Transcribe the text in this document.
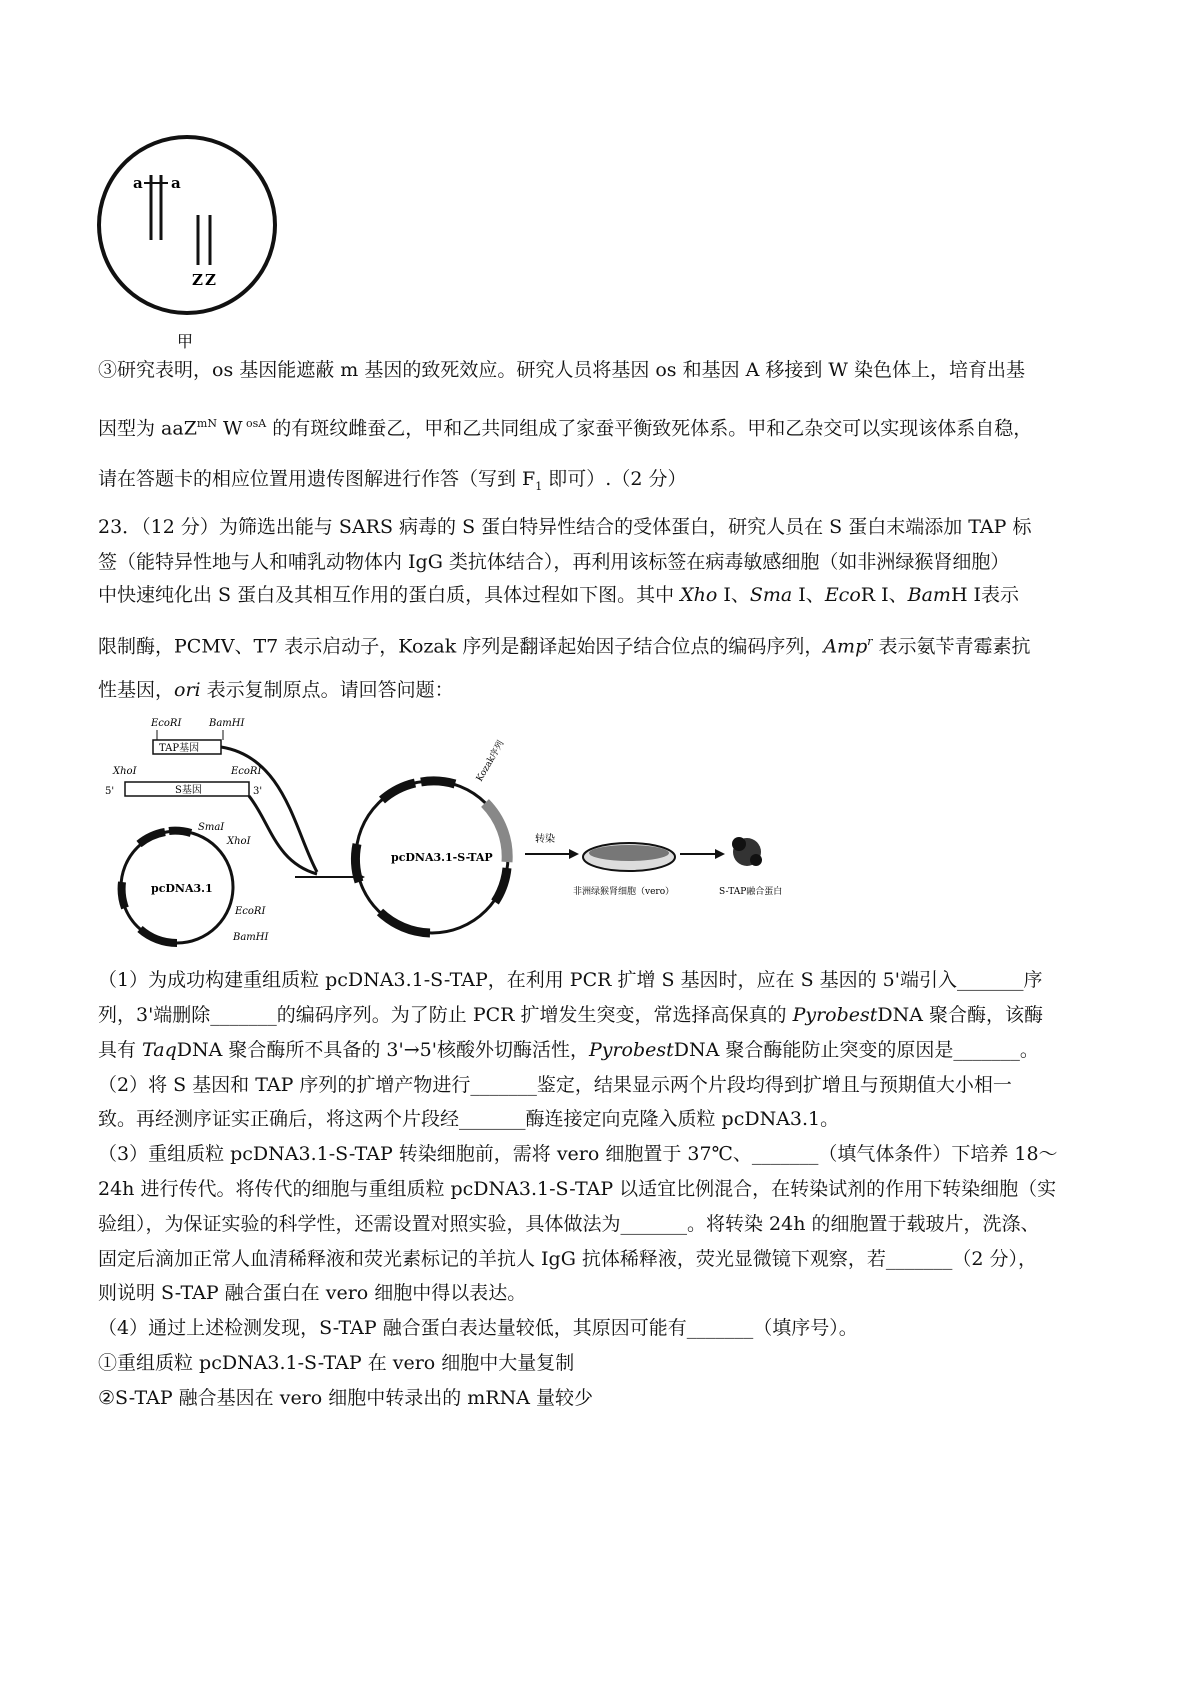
a a
ZZ
甲
③研究表明，os 基因能遮蔽 m 基因的致死效应。研究人员将基因 os 和基因 A 移接到 W 染色体上，培育出基
因型为 aaZ$^{mN}$ W $^{osA}$ 的有斑纹雌蚕乙，甲和乙共同组成了家蚕平衡致死体系。甲和乙杂交可以实现该体系自稳，
请在答题卡的相应位置用遗传图解进行作答（写到 $F_1$ 即可）.（2 分）
23．（12 分）为筛选出能与 SARS 病毒的 S 蛋白特异性结合的受体蛋白，研究人员在 S 蛋白末端添加 TAP 标
签（能特异性地与人和哺乳动物体内 IgG 类抗体结合），再利用该标签在病毒敏感细胞（如非洲绿猴肾细胞）
中快速纯化出 S 蛋白及其相互作用的蛋白质，具体过程如下图。其中 Xho Ⅰ、Sma Ⅰ、EcoR Ⅰ、BamH Ⅰ表示
限制酶，PCMV、T7 表示启动子，Kozak 序列是翻译起始因子结合位点的编码序列，Amp$^r$ 表示氨苄青霉素抗
性基因，ori 表示复制原点。请回答问题：
EcoRⅠ	BamHⅠ
TAP基因
XhoⅠ	EcoRⅠ
5'	3'
S基因
pcDNA3.1
SmaⅠ
XhoⅠ
EcoRⅠ
BamHⅠ
pcDNA3.1-S-TAP
Kozak序列
转染
非洲绿猴肾细胞（vero）	S-TAP融合蛋白
（1）为成功构建重组质粒 pcDNA3.1-S-TAP，在利用 PCR 扩增 S 基因时，应在 S 基因的 5'端引入_______序
列，3'端删除_______的编码序列。为了防止 PCR 扩增发生突变，常选择高保真的 PyrobestDNA 聚合酶，该酶
具有 TaqDNA 聚合酶所不具备的 3'→5'核酸外切酶活性，PyrobestDNA 聚合酶能防止突变的原因是_______。
（2）将 S 基因和 TAP 序列的扩增产物进行_______鉴定，结果显示两个片段均得到扩增且与预期值大小相一
致。再经测序证实正确后，将这两个片段经_______酶连接定向克隆入质粒 pcDNA3.1。
（3）重组质粒 pcDNA3.1-S-TAP 转染细胞前，需将 vero 细胞置于 37℃、_______（填气体条件）下培养 18～
24h 进行传代。将传代的细胞与重组质粒 pcDNA3.1-S-TAP 以适宜比例混合，在转染试剂的作用下转染细胞（实
验组），为保证实验的科学性，还需设置对照实验，具体做法为_______。将转染 24h 的细胞置于载玻片，洗涤、
固定后滴加正常人血清稀释液和荧光素标记的羊抗人 IgG 抗体稀释液，荧光显微镜下观察，若_______（2 分），
则说明 S-TAP 融合蛋白在 vero 细胞中得以表达。
（4）通过上述检测发现，S-TAP 融合蛋白表达量较低，其原因可能有_______（填序号）。
①重组质粒 pcDNA3.1-S-TAP 在 vero 细胞中大量复制
②S-TAP 融合基因在 vero 细胞中转录出的 mRNA 量较少
